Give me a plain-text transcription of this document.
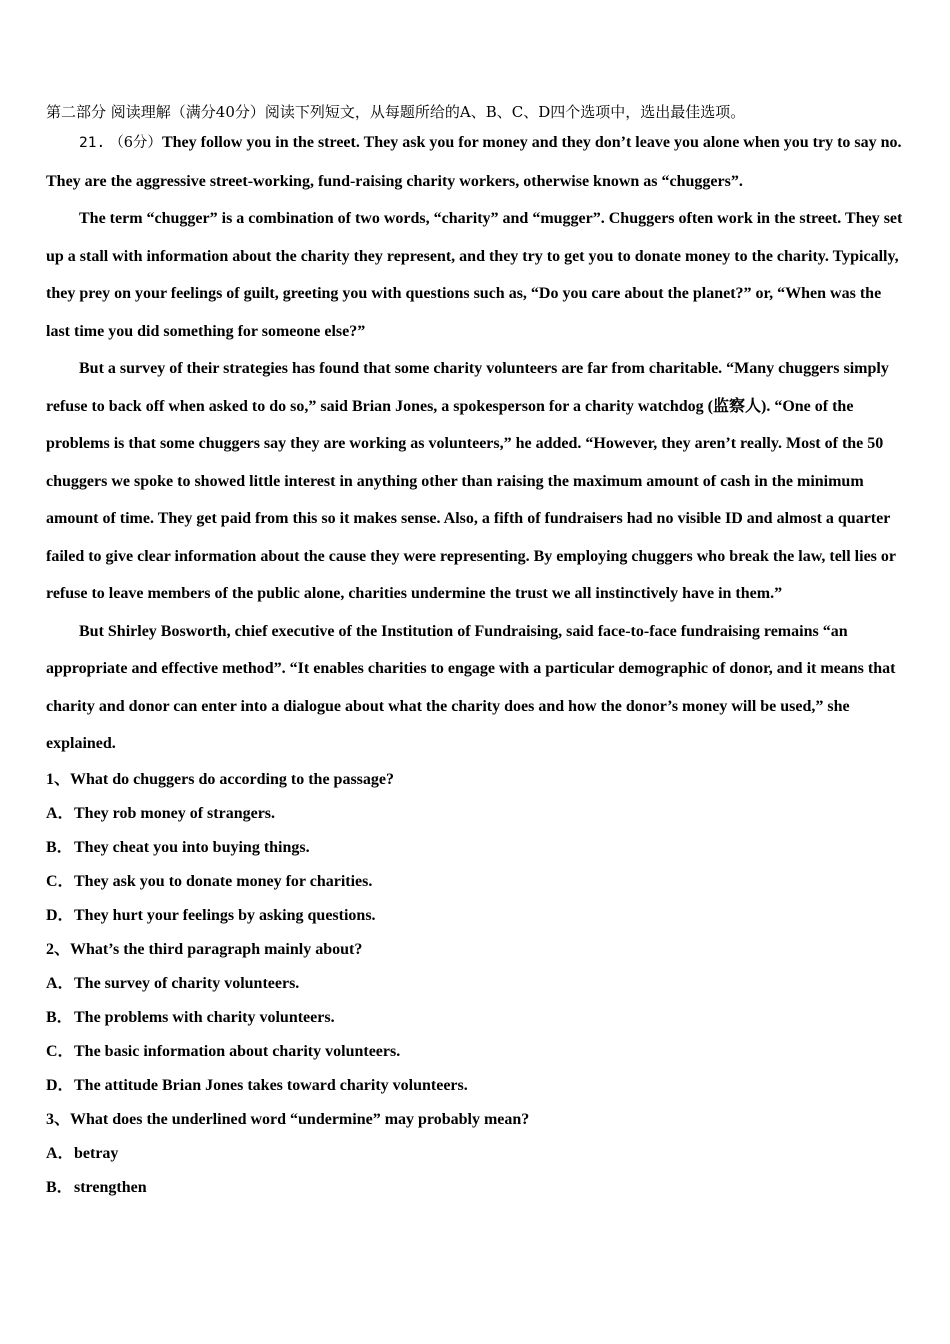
第二部分 阅读理解（满分40分）阅读下列短文，从每题所给的A、B、C、D四个选项中，选出最佳选项。

21. （6分）They follow you in the street. They ask you for money and they don’t leave you alone when you try to say no. They are the aggressive street-working, fund-raising charity workers, otherwise known as “chuggers”.

The term “chugger” is a combination of two words, “charity” and “mugger”. Chuggers often work in the street. They set up a stall with information about the charity they represent, and they try to get you to donate money to the charity. Typically, they prey on your feelings of guilt, greeting you with questions such as, “Do you care about the planet?” or, “When was the last time you did something for someone else?”

But a survey of their strategies has found that some charity volunteers are far from charitable. “Many chuggers simply refuse to back off when asked to do so,” said Brian Jones, a spokesperson for a charity watchdog (监察人). “One of the problems is that some chuggers say they are working as volunteers,” he added. “However, they aren’t really. Most of the 50 chuggers we spoke to showed little interest in anything other than raising the maximum amount of cash in the minimum amount of time. They get paid from this so it makes sense. Also, a fifth of fundraisers had no visible ID and almost a quarter failed to give clear information about the cause they were representing. By employing chuggers who break the law, tell lies or refuse to leave members of the public alone, charities undermine the trust we all instinctively have in them.”

But Shirley Bosworth, chief executive of the Institution of Fundraising, said face-to-face fundraising remains “an appropriate and effective method”. “It enables charities to engage with a particular demographic of donor, and it means that charity and donor can enter into a dialogue about what the charity does and how the donor’s money will be used,” she explained.

1、What do chuggers do according to the passage?

A．They rob money of strangers.

B．They cheat you into buying things.

C．They ask you to donate money for charities.

D．They hurt your feelings by asking questions.

2、What’s the third paragraph mainly about?

A．The survey of charity volunteers.

B．The problems with charity volunteers.

C．The basic information about charity volunteers.

D．The attitude Brian Jones takes toward charity volunteers.

3、What does the underlined word “undermine” may probably mean?

A．betray

B．strengthen
